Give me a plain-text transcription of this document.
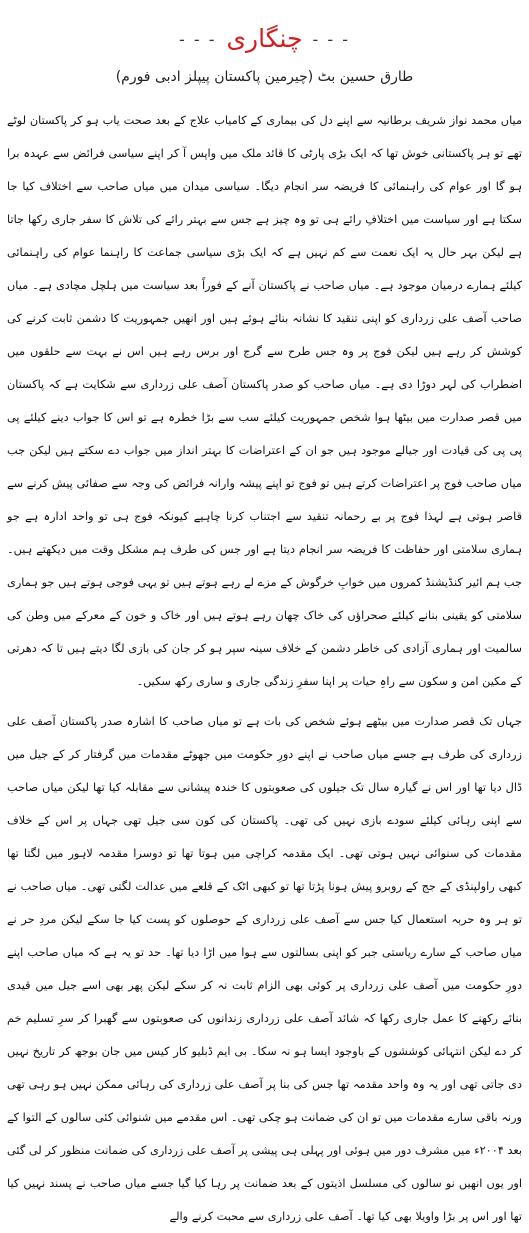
- - -
چنگاری
- - -
طارق حسین بٹ (چیرمین پاکستان پیپلز ادبی فورم)

میاں محمد نواز شریف برطانیہ سے اپنے دل کی بیماری کے کامیاب علاج کے بعد صحت یاب ہو کر پاکستان لوٹے تھے تو ہر پاکستانی خوش تھا کہ ایک بڑی پارٹی کا قائد ملک میں واپس آ کر اپنے سیاسی فرائض سے عہدہ برا ہو گا اور عوام کی راہنمائی کا فریضہ سر انجام دیگا۔ سیاسی میدان میں میاں صاحب سے اختلاف کیا جا سکتا ہے اور سیاست میں اختلافِ رائے ہی تو وہ چیز ہے جس سے بہتر رائے کی تلاش کا سفر جاری رکھا جاتا ہے لیکن بہر حال یہ ایک نعمت سے کم نہیں ہے کہ ایک بڑی سیاسی جماعت کا راہنما عوام کی راہنمائی کیلئے ہمارے درمیان موجود ہے۔ میاں صاحب نے پاکستان آنے کے فوراً بعد سیاست میں ہلچل مچادی ہے۔ میاں صاحب آصف علی زرداری کو اپنی تنقید کا نشانہ بنائے ہوئے ہیں اور انھیں جمہوریت کا دشمن ثابت کرنے کی کوشش کر رہے ہیں لیکن فوج پر وہ جس طرح سے گرج اور برس رہے ہیں اس نے بہت سے حلقوں میں اضطراب کی لہر دوڑا دی ہے۔ میاں صاحب کو صدر پاکستان آصف علی زرداری سے شکایت ہے کہ پاکستان میں قصر صدارت میں بیٹھا ہوا شخص جمہوریت کیلئے سب سے بڑا خطرہ ہے تو اس کا جواب دینے کیلئے پی پی پی کی قیادت اور جیالے موجود ہیں جو ان کے اعتراضات کا بہتر انداز میں جواب دے سکتے ہیں لیکن جب میاں صاحب فوج پر اعتراضات کرتے ہیں تو فوج تو اپنے پیشہ وارانہ فرائض کی وجہ سے صفائی پیش کرنے سے قاصر ہوتی ہے لہذا فوج پر بے رحمانہ تنقید سے اجتناب کرنا چاہیے کیونکہ فوج ہی تو واحد ادارہ ہے جو ہماری سلامتی اور حفاظت کا فریضہ سر انجام دیتا ہے اور جس کی طرف ہم مشکل وقت میں دیکھتے ہیں۔ جب ہم ائیر کنڈیشنڈ کمروں میں خوابِ خرگوش کے مزے لے رہے ہوتے ہیں تو یہی فوجی ہوتے ہیں جو ہماری سلامتی کو یقینی بنانے کیلئے صحراؤں کی خاک چھان رہے ہوتے ہیں اور خاک و خون کے معرکے میں وطن کی سالمیت اور ہماری آزادی کی خاطر دشمن کے خلاف سینہ سپر ہو کر جان کی بازی لگا دیتے ہیں تا کہ دھرتی کے مکین امن و سکون سے راہِ حیات پر اپنا سفرِ زندگی جاری و ساری رکھ سکیں۔

جہاں تک قصر صدارت میں بیٹھے ہوئے شخص کی بات ہے تو میاں صاحب کا اشارہ صدر پاکستان آصف علی زرداری کی طرف ہے جسے میاں صاحب نے اپنے دورِ حکومت میں جھوٹے مقدمات میں گرفتار کر کے جیل میں ڈال دیا تھا اور اس نے گیارہ سال تک جیلوں کی صعوبتوں کا خندہ پیشانی سے مقابلہ کیا تھا لیکن میاں صاحب سے اپنی رہائی کیلئے سودے بازی نہیں کی تھی۔ پاکستان کی کون سی جیل تھی جہاں پر اس کے خلاف مقدمات کی سنوائی نہیں ہوتی تھی۔ ایک مقدمہ کراچی میں ہوتا تھا تو دوسرا مقدمہ لاہور میں لگتا تھا کبھی راولپنڈی کے جج کے روبرو پیش ہونا پڑتا تھا تو کبھی اٹک کے قلعے میں عدالت لگتی تھی۔ میاں صاحب نے تو ہر وہ حربہ استعمال کیا جس سے آصف علی زرداری کے حوصلوں کو پست کیا جا سکے لیکن مردِ حر نے میاں صاحب کے سارے ریاستی جبر کو اپنی بسالتوں سے ہوا میں اڑا دیا تھا۔ حد تو یہ ہے کہ میاں صاحب اپنے دورِ حکومت میں آصف علی زرداری پر کوئی بھی الزام ثابت نہ کر سکے لیکن پھر بھی اسے جیل میں قیدی بنائے رکھنے کا عمل جاری رکھا کہ شائد آصف علی زرداری زندانوں کی صعوبتوں سے گھبرا کر سرِ تسلیم خم کر دے لیکن انتہائی کوششوں کے باوجود ایسا ہو نہ سکا۔ بی ایم ڈبلیو کار کیس میں جان بوجھ کر تاریخ نہیں دی جاتی تھی اور یہ وہ واحد مقدمہ تھا جس کی بنا پر آصف علی زرداری کی رہائی ممکن نہیں ہو رہی تھی ورنہ باقی سارے مقدمات میں تو ان کی ضمانت ہو چکی تھی۔ اس مقدمے میں شنوائی کئی سالوں کے التوا کے بعد ۲۰۰۴ء میں مشرف دور میں ہوئی اور پہلی ہی پیشی پر آصف علی زرداری کی ضمانت منظور کر لی گئی اور یوں انھیں نو سالوں کی مسلسل اذیتوں کے بعد ضمانت پر رہا کیا گیا جسے میاں صاحب نے پسند نہیں کیا تھا اور اس پر بڑا واویلا بھی کیا تھا۔ آصف علی زرداری سے محبت کرنے والے
